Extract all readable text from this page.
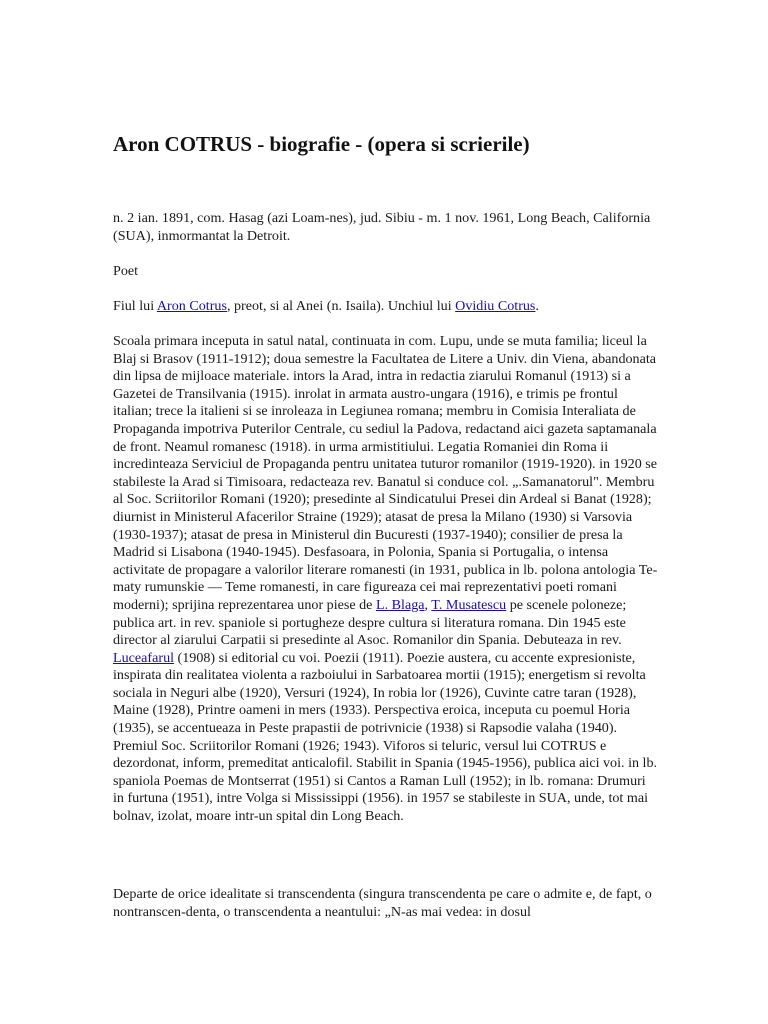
Aron COTRUS - biografie - (opera si scrierile)

n. 2 ian. 1891, com. Hasag (azi Loam-nes), jud. Sibiu - m. 1 nov. 1961, Long Beach, California (SUA), inmormantat la Detroit.

Poet

Fiul lui Aron Cotrus, preot, si al Anei (n. Isaila). Unchiul lui Ovidiu Cotrus.

Scoala primara inceputa in satul natal, continuata in com. Lupu, unde se muta familia; liceul la Blaj si Brasov (1911-1912); doua semestre la Facultatea de Litere a Univ. din Viena, abandonata din lipsa de mijloace materiale. intors la Arad, intra in redactia ziarului Romanul (1913) si a Gazetei de Transilvania (1915). inrolat in armata austro-ungara (1916), e trimis pe frontul italian; trece la italieni si se inroleaza in Legiunea romana; membru in Comisia Interaliata de Propaganda impotriva Puterilor Centrale, cu sediul la Padova, redactand aici gazeta saptamanala de front. Neamul romanesc (1918). in urma armistitiului. Legatia Romaniei din Roma ii incredinteaza Serviciul de Propaganda pentru unitatea tuturor romanilor (1919-1920). in 1920 se stabileste la Arad si Timisoara, redacteaza rev. Banatul si conduce col. „.Samanatorul". Membru al Soc. Scriitorilor Romani (1920); presedinte al Sindicatului Presei din Ardeal si Banat (1928); diurnist in Ministerul Afacerilor Straine (1929); atasat de presa la Milano (1930) si Varsovia (1930-1937); atasat de presa in Ministerul din Bucuresti (1937-1940); consilier de presa la Madrid si Lisabona (1940-1945). Desfasoara, in Polonia, Spania si Portugalia, o intensa activitate de propagare a valorilor literare romanesti (in 1931, publica in lb. polona antologia Te-maty rumunskie — Teme romanesti, in care figureaza cei mai reprezentativi poeti romani moderni); sprijina reprezentarea unor piese de L. Blaga, T. Musatescu pe scenele poloneze; publica art. in rev. spaniole si portugheze despre cultura si literatura romana. Din 1945 este director al ziarului Carpatii si presedinte al Asoc. Romanilor din Spania. Debuteaza in rev. Luceafarul (1908) si editorial cu voi. Poezii (1911). Poezie austera, cu accente expresioniste, inspirata din realitatea violenta a razboiului in Sarbatoarea mortii (1915); energetism si revolta sociala in Neguri albe (1920), Versuri (1924), In robia lor (1926), Cuvinte catre taran (1928), Maine (1928), Printre oameni in mers (1933). Perspectiva eroica, inceputa cu poemul Horia (1935), se accentueaza in Peste prapastii de potrivnicie (1938) si Rapsodie valaha (1940). Premiul Soc. Scriitorilor Romani (1926; 1943). Viforos si teluric, versul lui COTRUS e dezordonat, inform, premeditat anticalofil. Stabilit in Spania (1945-1956), publica aici voi. in lb. spaniola Poemas de Montserrat (1951) si Cantos a Raman Lull (1952); in lb. romana: Drumuri in furtuna (1951), intre Volga si Mississippi (1956). in 1957 se stabileste in SUA, unde, tot mai bolnav, izolat, moare intr-un spital din Long Beach.

Departe de orice idealitate si transcendenta (singura transcendenta pe care o admite e, de fapt, o nontranscen-denta, o transcendenta a neantului: „N-as mai vedea: in dosul
